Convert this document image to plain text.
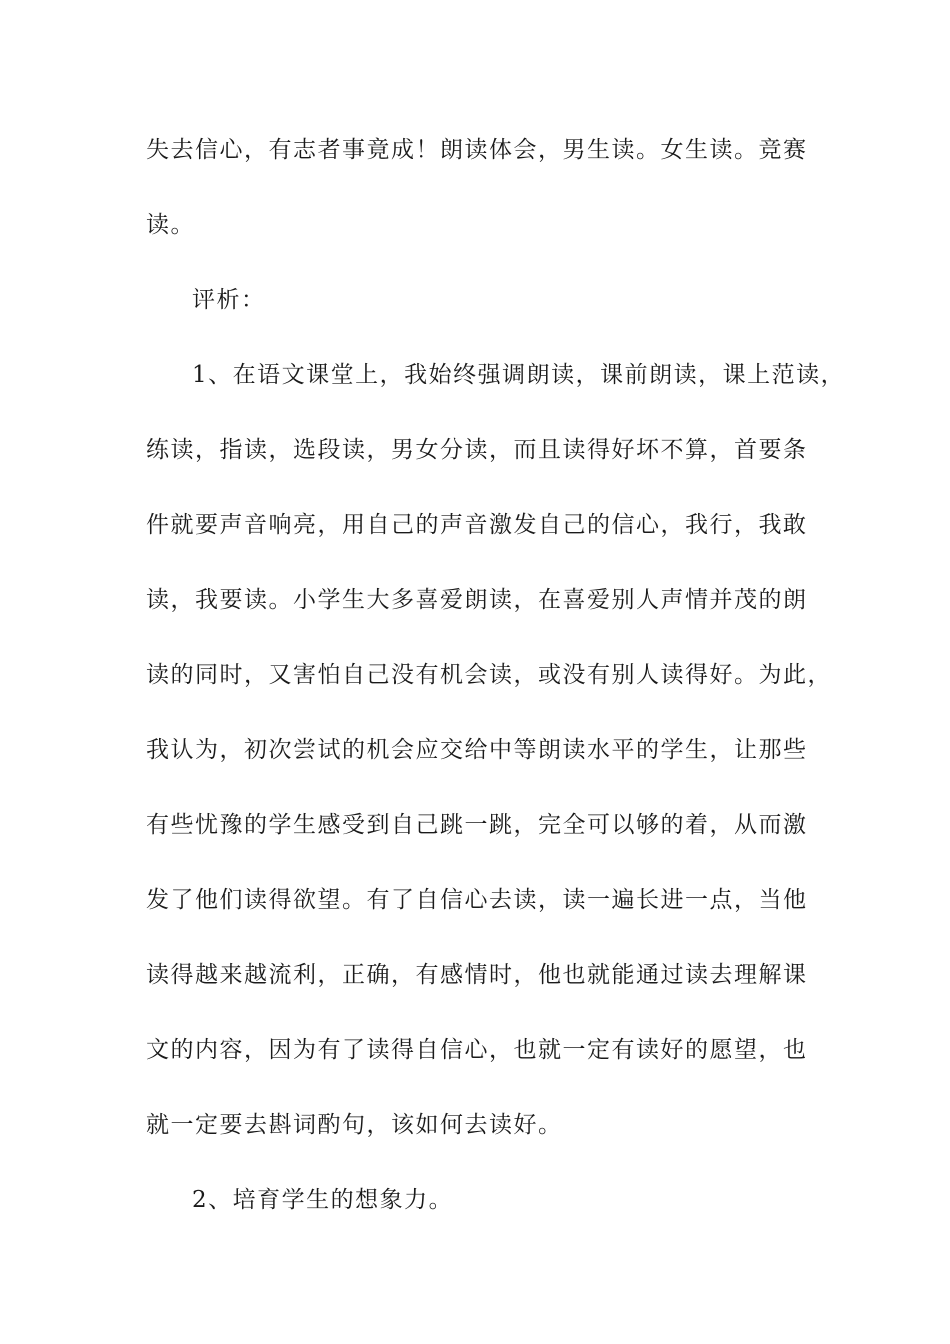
失去信心，有志者事竟成！朗读体会，男生读。女生读。竞赛
读。
评析：
1、在语文课堂上，我始终强调朗读，课前朗读，课上范读，
练读，指读，选段读，男女分读，而且读得好坏不算，首要条
件就要声音响亮，用自己的声音激发自己的信心，我行，我敢
读，我要读。小学生大多喜爱朗读，在喜爱别人声情并茂的朗
读的同时，又害怕自己没有机会读，或没有别人读得好。为此，
我认为，初次尝试的机会应交给中等朗读水平的学生，让那些
有些忧豫的学生感受到自己跳一跳，完全可以够的着，从而激
发了他们读得欲望。有了自信心去读，读一遍长进一点，当他
读得越来越流利，正确，有感情时，他也就能通过读去理解课
文的内容，因为有了读得自信心，也就一定有读好的愿望，也
就一定要去斟词酌句，该如何去读好。
2、培育学生的想象力。
